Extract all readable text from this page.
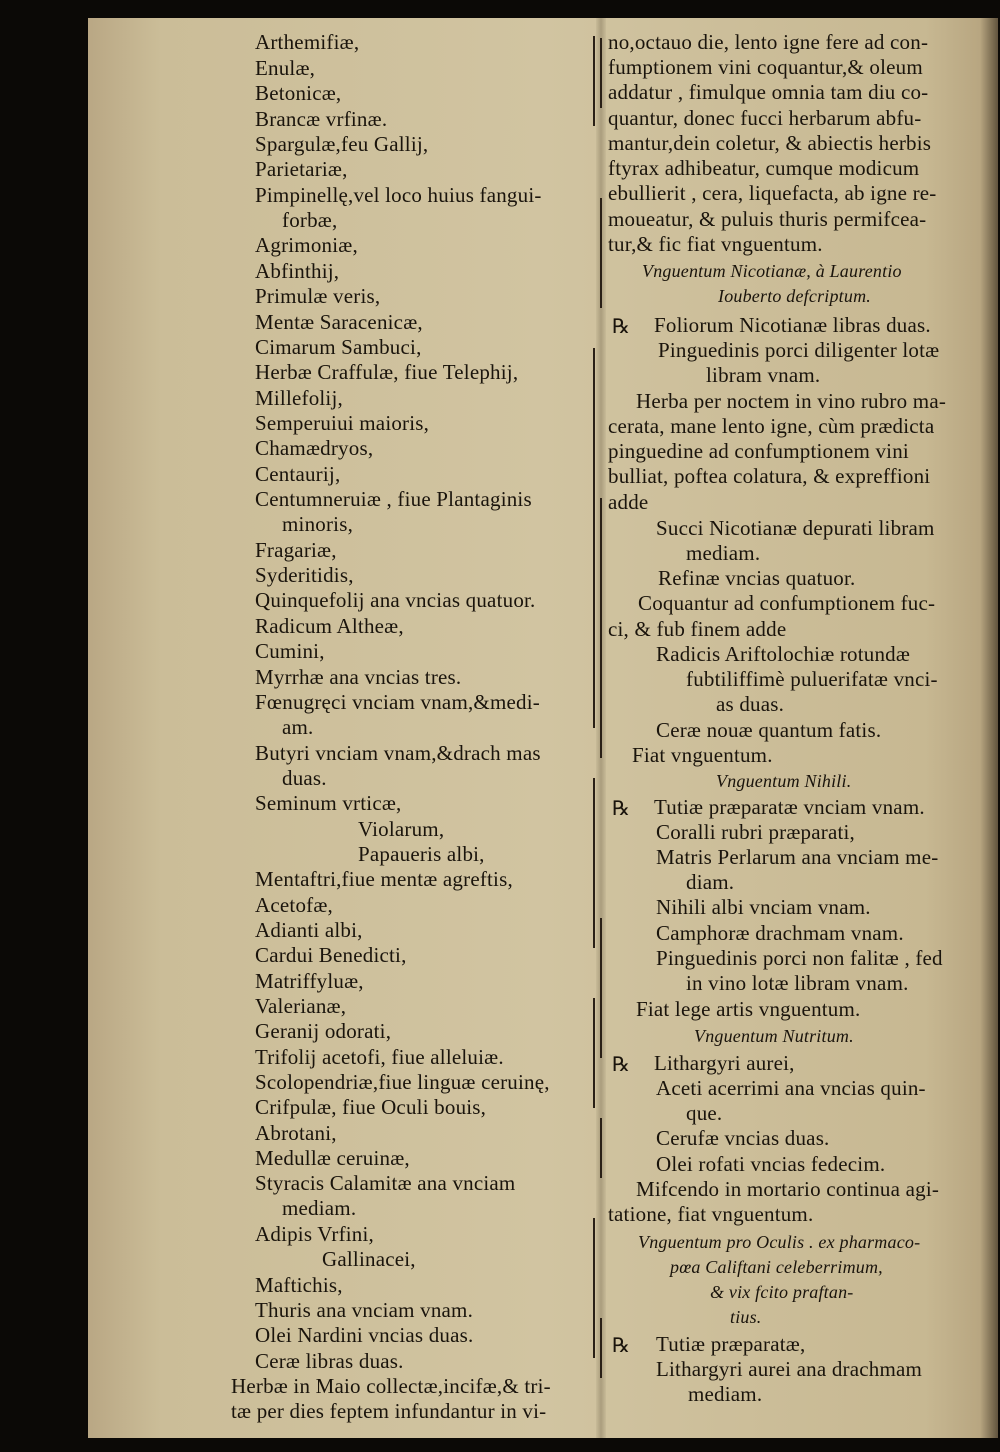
Arthemifiæ,
Enulæ,
Betonicæ,
Brancæ vrfinæ.
Spargulæ,feu Gallij,
Parietariæ,
Pimpinellę,vel loco huius fangui-
forbæ,
Agrimoniæ,
Abfinthij,
Primulæ veris,
Mentæ Saracenicæ,
Cimarum Sambuci,
Herbæ Craffulæ, fiue Telephij,
Millefolij,
Semperuiui maioris,
Chamædryos,
Centaurij,
Centumneruiæ , fiue Plantaginis
minoris,
Fragariæ,
Syderitidis,
Quinquefolij ana vncias quatuor.
Radicum Altheæ,
Cumini,
Myrrhæ ana vncias tres.
Fœnugręci vnciam vnam,&medi-
am.
Butyri vnciam vnam,&drach mas
duas.
Seminum vrticæ,
Violarum,
Papaueris albi,
Mentaftri,fiue mentæ agreftis,
Acetofæ,
Adianti albi,
Cardui Benedicti,
Matriffyluæ,
Valerianæ,
Geranij odorati,
Trifolij acetofi, fiue alleluiæ.
Scolopendriæ,fiue linguæ ceruinę,
Crifpulæ, fiue Oculi bouis,
Abrotani,
Medullæ ceruinæ,
Styracis Calamitæ ana vnciam
mediam.
Adipis Vrfini,
Gallinacei,
Maftichis,
Thuris ana vnciam vnam.
Olei Nardini vncias duas.
Ceræ libras duas.
Herbæ in Maio collectæ,incifæ,& tri-
tæ per dies feptem infundantur in vi-
no,octauo die, lento igne fere ad con-
fumptionem vini coquantur,& oleum
addatur , fimulque omnia tam diu co-
quantur, donec fucci herbarum abfu-
mantur,dein coletur, & abiectis herbis
ftyrax adhibeatur, cumque modicum
ebullierit , cera, liquefacta, ab igne re-
moueatur, & puluis thuris permifcea-
tur,& fic fiat vnguentum.
Vnguentum Nicotianæ, à Laurentio
Iouberto defcriptum.
Foliorum Nicotianæ libras duas.
℞
Pinguedinis porci diligenter lotæ
libram vnam.
Herba per noctem in vino rubro ma-
cerata, mane lento igne, cùm prædicta
pinguedine ad confumptionem vini
bulliat, poftea colatura, & expreffioni
adde
Succi Nicotianæ depurati libram
mediam.
Refinæ vncias quatuor.
Coquantur ad confumptionem fuc-
ci, & fub finem adde
Radicis Ariftolochiæ rotundæ
fubtiliffimè puluerifatæ vnci-
as duas.
Ceræ nouæ quantum fatis.
Fiat vnguentum.
Vnguentum Nihili.
Tutiæ præparatæ vnciam vnam.
℞
Coralli rubri præparati,
Matris Perlarum ana vnciam me-
diam.
Nihili albi vnciam vnam.
Camphoræ drachmam vnam.
Pinguedinis porci non falitæ , fed
in vino lotæ libram vnam.
Fiat lege artis vnguentum.
Vnguentum Nutritum.
Lithargyri aurei,
℞
Aceti acerrimi ana vncias quin-
que.
Cerufæ vncias duas.
Olei rofati vncias fedecim.
Mifcendo in mortario continua agi-
tatione, fiat vnguentum.
Vnguentum pro Oculis . ex pharmaco-
pœa Califtani celeberrimum,
& vix fcito praftan-
tius.
Tutiæ præparatæ,
℞
Lithargyri aurei ana drachmam
mediam.
